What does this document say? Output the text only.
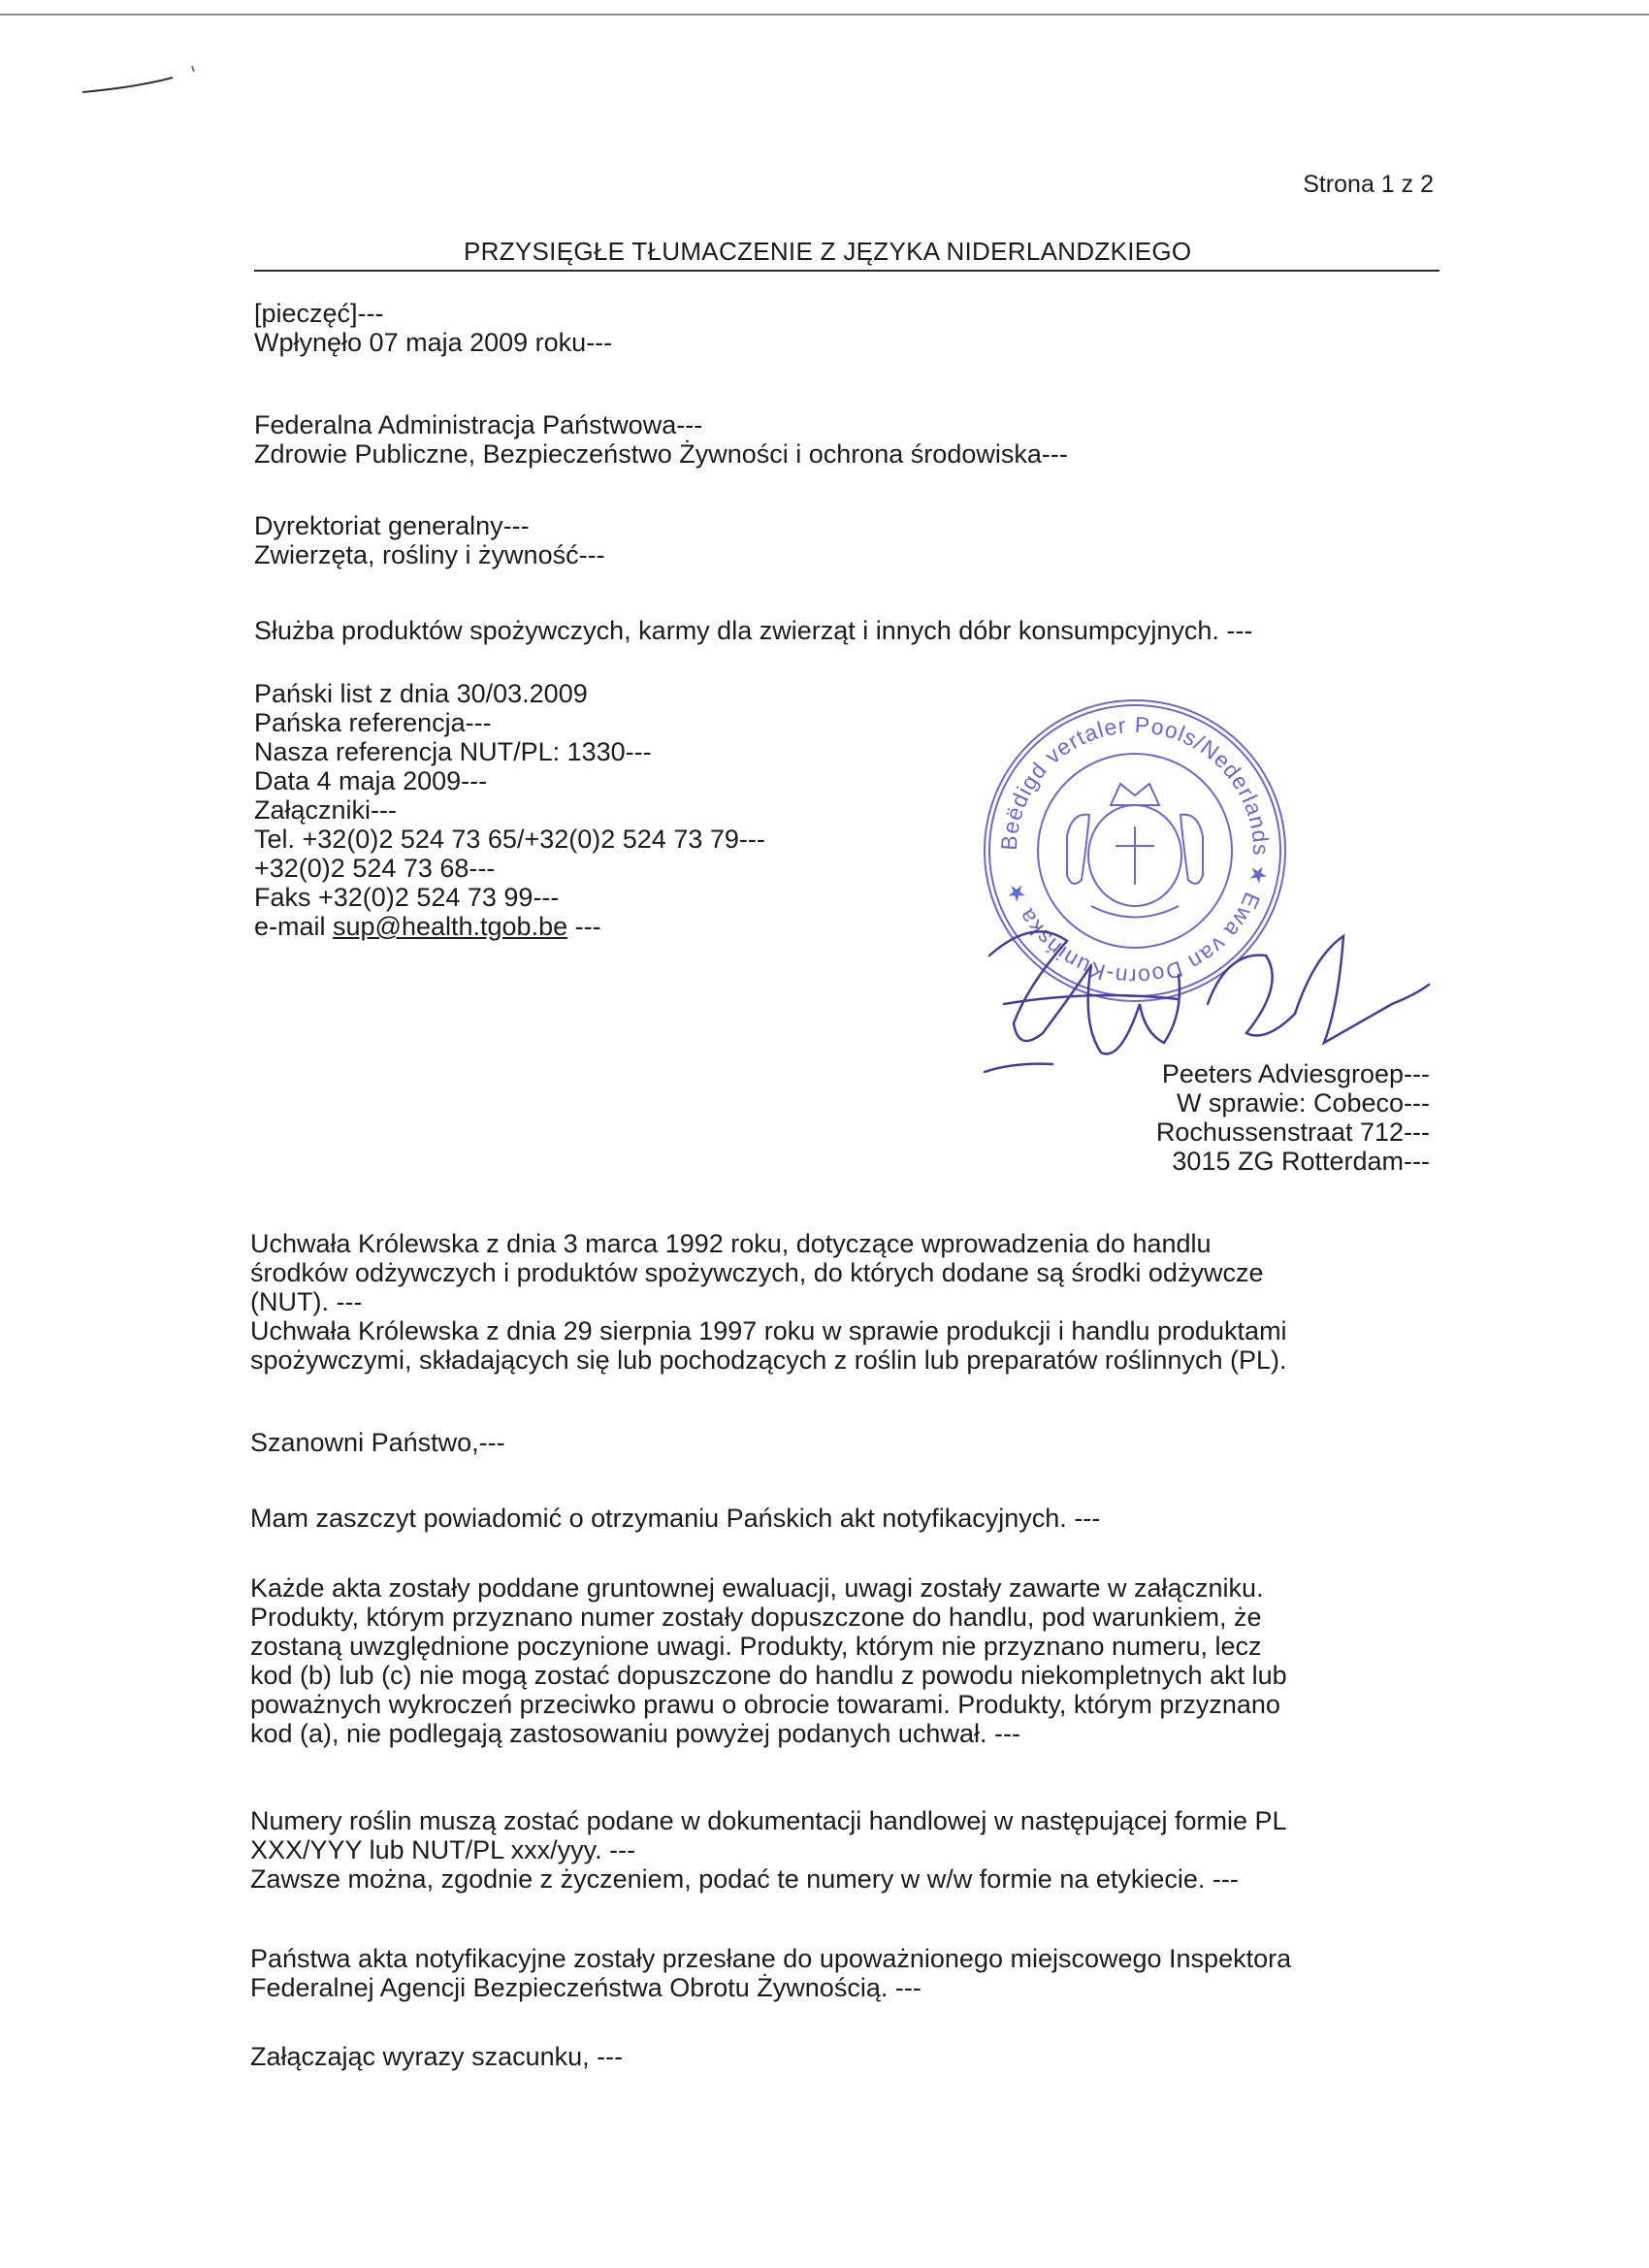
Strona 1 z 2
PRZYSIĘGŁE TŁUMACZENIE Z JĘZYKA NIDERLANDZKIEGO
[pieczęć]---
Wpłynęło 07 maja 2009 roku---
Federalna Administracja Państwowa---
Zdrowie Publiczne, Bezpieczeństwo Żywności i ochrona środowiska---
Dyrektoriat generalny---
Zwierzęta, rośliny i żywność---
Służba produktów spożywczych, karmy dla zwierząt i innych dóbr konsumpcyjnych. ---
Pański list z dnia 30/03.2009
Pańska referencja---
Nasza referencja NUT/PL: 1330---
Data 4 maja 2009---
Załączniki---
Tel. +32(0)2 524 73 65/+32(0)2 524 73 79---
+32(0)2 524 73 68---
Faks +32(0)2 524 73 99---
e-mail sup@health.tgob.be ---
Beëdigd vertaler Pools/Nederlands ★ Ewa van Doorn-Kunińska ★
Peeters Adviesgroep---
W sprawie: Cobeco---
Rochussenstraat 712---
3015 ZG Rotterdam---
Uchwała Królewska z dnia 3 marca 1992 roku, dotyczące wprowadzenia do handlu
środków odżywczych i produktów spożywczych, do których dodane są środki odżywcze
(NUT). ---
Uchwała Królewska z dnia 29 sierpnia 1997 roku w sprawie produkcji i handlu produktami
spożywczymi, składających się lub pochodzących z roślin lub preparatów roślinnych (PL).
Szanowni Państwo,---
Mam zaszczyt powiadomić o otrzymaniu Pańskich akt notyfikacyjnych. ---
Każde akta zostały poddane gruntownej ewaluacji, uwagi zostały zawarte w załączniku.
Produkty, którym przyznano numer zostały dopuszczone do handlu, pod warunkiem, że
zostaną uwzględnione poczynione uwagi. Produkty, którym nie przyznano numeru, lecz
kod (b) lub (c) nie mogą zostać dopuszczone do handlu z powodu niekompletnych akt lub
poważnych wykroczeń przeciwko prawu o obrocie towarami. Produkty, którym przyznano
kod (a), nie podlegają zastosowaniu powyżej podanych uchwał. ---
Numery roślin muszą zostać podane w dokumentacji handlowej w następującej formie PL
XXX/YYY lub NUT/PL xxx/yyy. ---
Zawsze można, zgodnie z życzeniem, podać te numery w w/w formie na etykiecie. ---
Państwa akta notyfikacyjne zostały przesłane do upoważnionego miejscowego Inspektora
Federalnej Agencji Bezpieczeństwa Obrotu Żywnością. ---
Załączając wyrazy szacunku, ---
